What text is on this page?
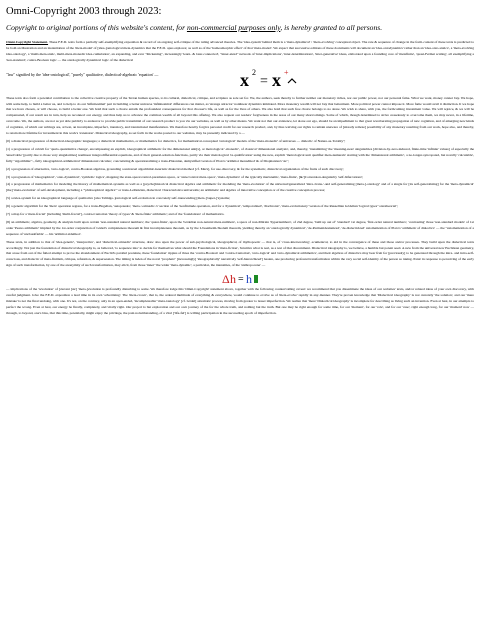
Omni-Copyright 2003 through 2023:
Copyright to original portions of this website's content, for non-commercial purposes only, is hereby granted to all persons.
Omni-Copyright Statement. These F.E.D. texts form a partially self-exemplifying exposition & record of an ongoing self-critique of the ruling advanced theories. The 'idea-system' behind them is a 'meta-dynamical' / 'meta-evolving' conceptual object. The rate & sequence of change in the form-content of these texts is predicted to be both an illustration and an instantiation of the 'meta-model' of [idea-]ontological meta-dynamics that the F.E.D. opus explores; as well as of the 'homeomorphic effect' of that 'meta-model'. We expect that successive editions of these documents will document an 'idea-ontodynamics' rather than an 'idea-onto-statics', a 'meta-evolving idea-ontology', a 'multi-meta-static, multi-meta-monadic idea-cumulation', an expanding, and ever "thickening", increasingly 'learn- & later-connected', "inner-sized" network of 'inter-implications', 'inter-determinations', 'inter-generative' ideas, elaborated upon a founding core of 'metafinite', 'quasi-Fermat scaling', all exemplifying a 'non-standard', contra-Boolean logic — the ontologically dynamical logic of the dialectical
"law" signified by the 'idea-ontological', "purely" qualitative, dialectical-algebraic 'equation' —	x 2
= x +
These texts also form a potential contribution to the collective creative property of the Terran human species, to its cultural, dialectical, critique, and scripture as sole set for. We, the authors, seek thereby to further neither our monetary riches, nor our public power, nor our personal fame. What we want, money cannot buy. We hope, with some help, to build a better us, and to help to do our 'infinitesimal' part in building a better universe 'infinitesimal' differences can matter, as 'strange attractor' nonlinear dynamics intimated. More monetary wealth will not buy that betterment. More political power cannot impose it. More fame would avail it distinction. It we hope that we have chosen, or will choose, to build a better one. We hold that such a choice entails the profoundest consequences for that chooser's life, as well as for the lives of others. We also hold that such free choice belongs to no alone. We wish to share, with you, the forthcoming investment value. We will rejoice, & we will be compensated, if our result are in turn, help us reconnect our energy, and thus help us to advance the common wealth of all beyond this offering. We also request our readers' forgiveness in the areas of our many shortcomings. Some of which, though determined to strive ceaselessly to overcome them, we may never, in a lifetime, overcome. We, the authors, are not as yet able publicly to endeavor to provide public transmittal of our research product to you via our websites, as well as by other means. We want not that our existence, let alone our ego, should be an impediment to that great reverberating propagation of new cognition, and of emerging new kinds of cognition, of which our writings are, at best, an incomplete, imperfect, transitory, and translational manifestation. We therefore hereby forgive personal credit for our research product, and, by thus waiving our rights to remain unaware of [already remote] possibility of any monetary resulting from our work, hope also, and thereby, to retain more lifetime for investment in this work's 'extension'. Dialectical ideography, as set forth in the works posted to our websites, may be presently indicated by a —
(0) a dialectical progression of dialectical-ideographic languages; a dialectical mathematics, or mathematics for dialectics, for mathematical-conceptual 'ontological' models of the 'meta-monadic' of universes — dialectic of Nature-as-Totality'';
(1) a progression of calculi for 'qualo-quantitative change', encompassing an explicit, ideographical arithmetic for the dimensional unit[s], or metrological '‐monadic', of classical 'dimensional analysis', and, thereby, 'transmitting' the 'meaning-ness' singularities [division-by-zero-induced, finite-time 'infinite' values] of especially the 'unsolvable' [partly due to those very singularities] nonlinear integrodifferential equations, and of their general-solution-functions, partly via their metrological 're-qualification' using the new, explicit 'metrological unit qualifier meta-numerals' starting with the 'dimensional arithmetic', a no-longer-syncopated, but novelly 'calculable', fully "algorithmic"-, fully ideographical-arithmetical 'dimensional calculus', concretizing & operationalizing a trans-Platonian, demystified version of Plato's 'arithmoi monadikoi' & of Diophantus's 'sic';
(2) a progression of alternative, 'onto-logical', contra-Boolean algebras, grounding a universal algorithmic-heuristic dialectical method [cf. Marx], for use-discovery, & for the systematic, dialectical organization of the fruits of such discovery;
(3) a progression of 'ideographical', 'onto-dynamical', 'symbolic logics', mapping the state-space/control-parameter-space, or 'state/control meta-space', 'meta-dynamics' of the typically meristemic, 'meta-finite', [&/]Conversion-singularity 'self-bifurcations';
(4) a progression of mathematics for modeling the history of mathematical-systems as well as a [psycho]historical dialectical algebra and arithmetic for modeling the 'meta-evolution' of the universal/generalized 'intra-/trans-'-and self-generalizing [meta-]-ontology' and of a single for [its self-generalizing] for the 'meta-dynamical' [the] 'meta-evolution' of self-development, including a '"philosophical algebra"' or trans-Leibnizian, dialectical 'characteristica universalis; an arithmetic and algebra of innovative conception or of the creative conception process;
(5) a rules-system for an ideographical language of qualitative [also Talmigo-]ontological self-evolution in concretely self-transcending [meta-]'super-]'systems;
(6) a genetic algorithm for the 'meta' operation regress, for a trans-Hegelian, 'autopoiesis', 'meta-'-omnadic-'s' section of the 'nonfinitude operation, and for a 'dynamical', 'temporalized', 'diachronic', 'meta-evolutionary' version of the Russellian Gödelian 'logical types' 'ontotheorial';
(7) a map for a 'meta-fractal' [including 'multi-fractal'], contra-Cantorian 'theory of types' & 'meta-finite' arithmetic; and of the 'foundations' of mathematics.
(8) an arithmetic, algebra, geometry, & analysis built upon certain 'non-standard natural numbers', the 'quasi-finite', upon the 'Gödelian non-natural meta-numbers', a space of non-Mitrain 'hypernumbers', of 2nd degree, 'built up out of' 'standard' 1st degree, 'first-order natural numbers', 'contrasting' those 'non-standard models' of 1st order 'Peano arithmetic' implied by the 1st-order conjunction of Gödel's completeness theorem & first incompleteness theorem, as by the Löwenheim-Skolem theorem, yielding thereby an 'ontologically dynamical', 'de-Parmenidesianized', 'de-dialecticized' axiomatization of Plato's 'arithmetic of dialectics' — the ''axiomatization of a sequence of 'unclassifiable' — his 'arithmoi eidetikoi'.
These texts, in addition to that of 'idea-genetic', 'interpretive', and 'dialectical-omnadic' structure, draw also upon the power of sub-psychological, ideographical, of mythopoetic — that is, of 'cross-interweaving', ecumenical, to aid in the convergence of these and those and/or processes. They build upon the dialectical texts accordingly. Not just the foundation of dialectical ideography is, as believed, 'to sequence into' to decide for themselves what should the Foundations in 'meta-fiction', 'intuitive what is real, as a test of that discernment. Dialectical ideography is, we believe, a humble but potent seed. A new from the universal new Euclidean geometry, that arose from out of the failed attempt to prove the abandonment of Euclid's parallel postulate, these 'foundation' ripples of three the 'contra-Boolean' and 'contra-Cantorian', 'onto-logical' and 'onto-dynamical arithmetics', and their algebras of dialectics may bear fruit for [previously] to be generated through the intra- and intra-self-conscious, and dialectic of meta-finitism, critique, refutation, & supersession. The timing is laden of the novel "prophets" [increasingly] 'ideographically' narratively 'self-hierarchized'] beaten, one producing profound transformation within the very social self-identity of the person so taking. Panic in response to perceiving of the early sign of such transformation, by one of the anonymity of such transformation, may elicit, from those 'inner' 'the wider 'meta-dynamic', a particular, the intensities, of the 'anthropocene' —
Δ h = h
— implications of the 'revolution' of [current [sic] 'meta-]evolution is profoundly disturbing to some. We therefore lodge this 'Omni-Copyright' statement above, together with the following countervailing caveat: we recommend that you disseminate the ideas of our websites' texts, and/or related ideas of your own discovery, with careful judgment. Give the F.E.D. exposition a lead time in its own 'advertising'. The 'meta-crown', that is, the ordered multitude of everything & everywhere, would continue to evolve as of 'meta-evolve' rapidly in any-manner. They're proven knowledge that 'Dialectical ideography' is not currently 'the solution', and our 'mere mistake' is not the final undoing, with one. It's not, on the contrary, only in an open-ended, 'incompleteable' 'meta-tautology' [cf. Gödel] axiomatic process, moving from greater to lesser imperfection. We realize that 'mere' Dialectical ideography' is incomplete for describing as living such an invention. Even at best, in our attempts to perfect the wrong. Even at best, our energy be finally, completely, and vitally right. Our project is but exploration and our own journey of the for the whole truth, and nothing but the truth. But one may be right enough for some time, for our 'moment', for our 'role', and for our 'case', right enough long, for our 'moment' now — through, to beyond, one's bias, that this time, potentially, might enjoy the privilege, the pain notwithstanding, of a vital ['life-ful'] is willing participation in the succeeding epoch of imperfection.
